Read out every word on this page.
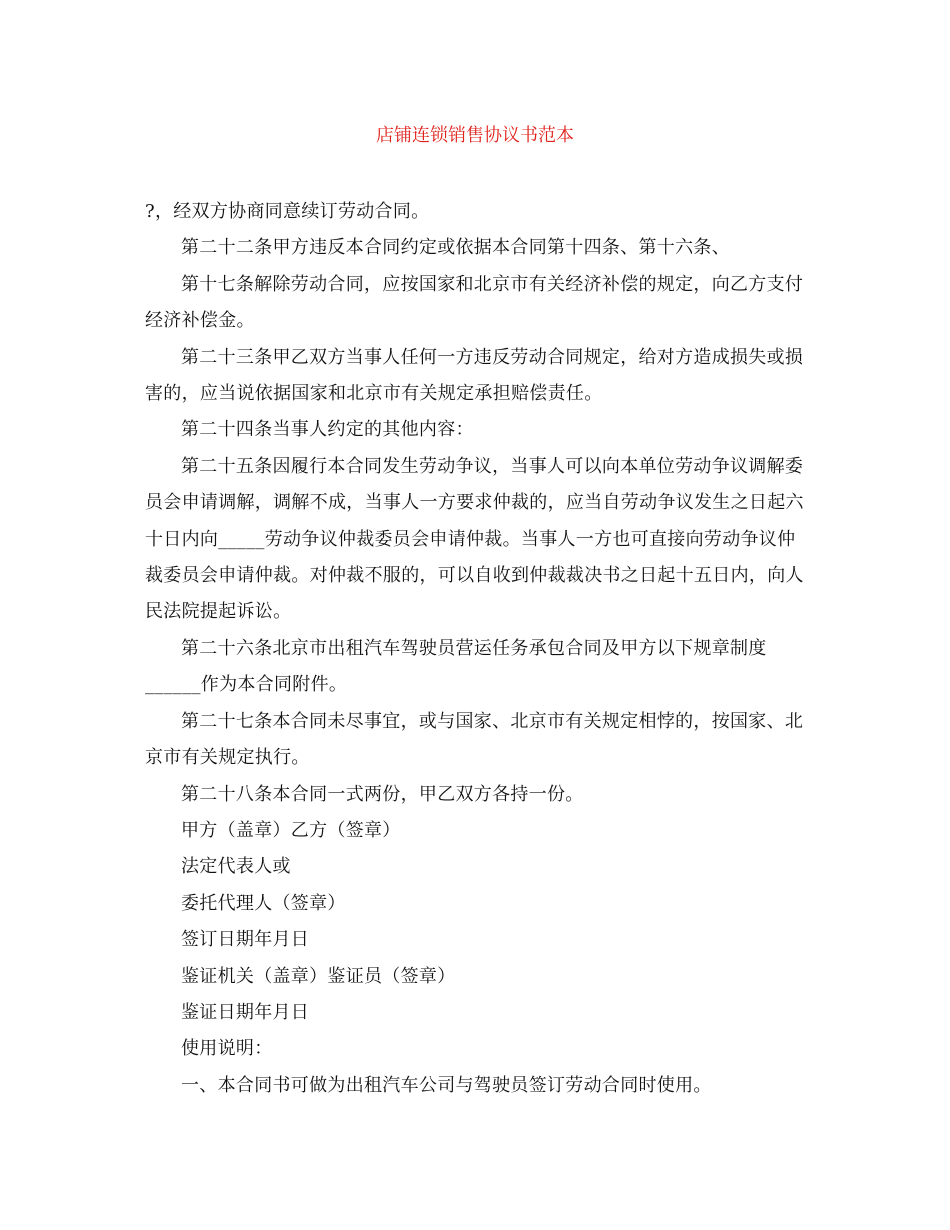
店铺连锁销售协议书范本

?，经双方协商同意续订劳动合同。

第二十二条甲方违反本合同约定或依据本合同第十四条、第十六条、

第十七条解除劳动合同，应按国家和北京市有关经济补偿的规定，向乙方支付经济补偿金。

第二十三条甲乙双方当事人任何一方违反劳动合同规定，给对方造成损失或损害的，应当说依据国家和北京市有关规定承担赔偿责任。

第二十四条当事人约定的其他内容：

第二十五条因履行本合同发生劳动争议，当事人可以向本单位劳动争议调解委员会申请调解，调解不成，当事人一方要求仲裁的，应当自劳动争议发生之日起六十日内向_____劳动争议仲裁委员会申请仲裁。当事人一方也可直接向劳动争议仲裁委员会申请仲裁。对仲裁不服的，可以自收到仲裁裁决书之日起十五日内，向人民法院提起诉讼。

第二十六条北京市出租汽车驾驶员营运任务承包合同及甲方以下规章制度______作为本合同附件。

第二十七条本合同未尽事宜，或与国家、北京市有关规定相悖的，按国家、北京市有关规定执行。

第二十八条本合同一式两份，甲乙双方各持一份。

甲方（盖章）乙方（签章）

法定代表人或

委托代理人（签章）

签订日期年月日

鉴证机关（盖章）鉴证员（签章）

鉴证日期年月日

使用说明：

一、本合同书可做为出租汽车公司与驾驶员签订劳动合同时使用。
